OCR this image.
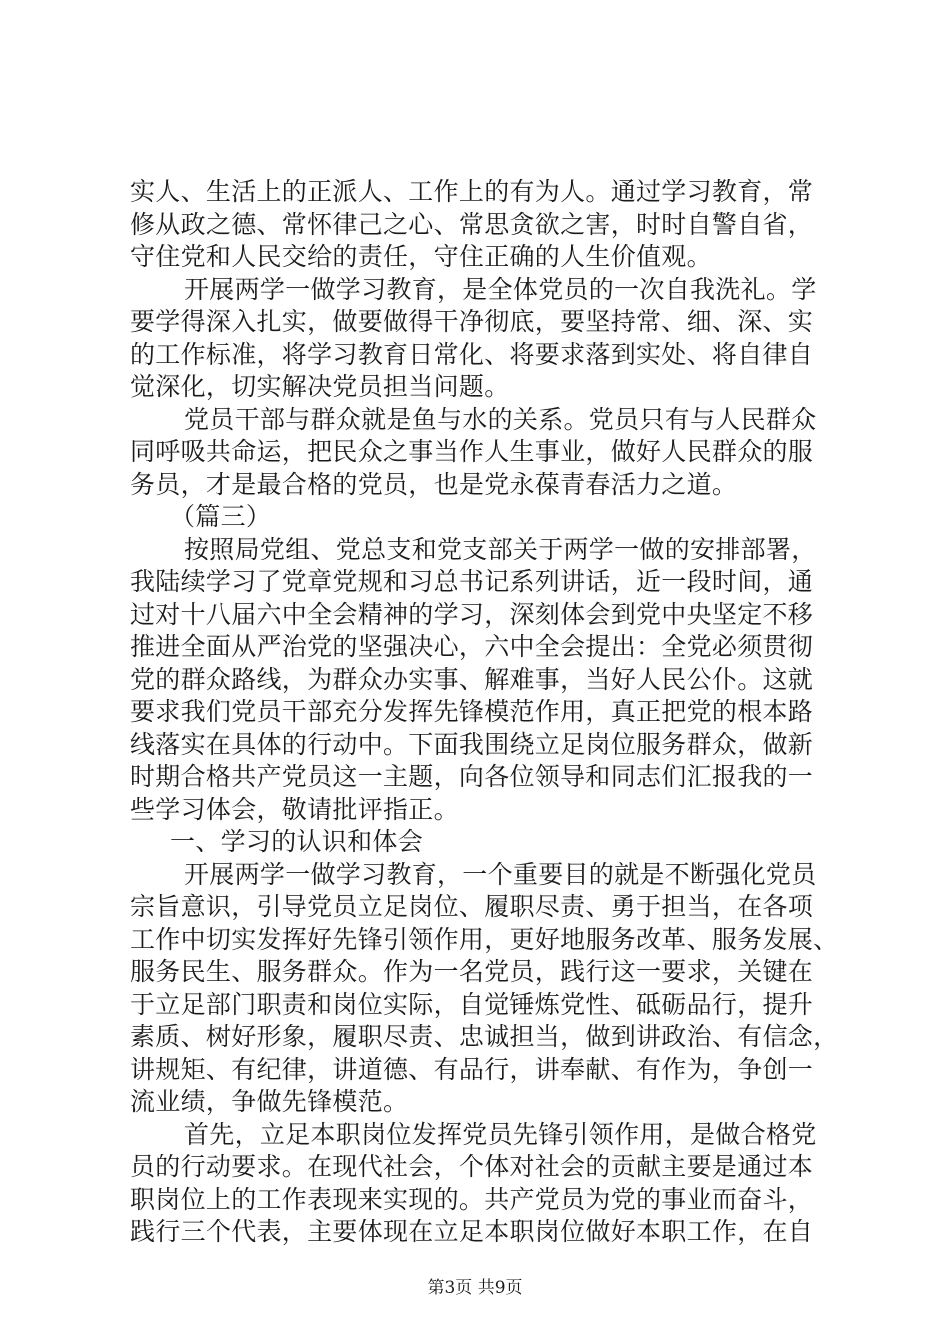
实人、生活上的正派人、工作上的有为人。通过学习教育，常
修从政之德、常怀律己之心、常思贪欲之害，时时自警自省，
守住党和人民交给的责任，守住正确的人生价值观。
开展两学一做学习教育，是全体党员的一次自我洗礼。学
要学得深入扎实，做要做得干净彻底，要坚持常、细、深、实
的工作标准，将学习教育日常化、将要求落到实处、将自律自
觉深化，切实解决党员担当问题。
党员干部与群众就是鱼与水的关系。党员只有与人民群众
同呼吸共命运，把民众之事当作人生事业，做好人民群众的服
务员，才是最合格的党员，也是党永葆青春活力之道。
（篇三）
按照局党组、党总支和党支部关于两学一做的安排部署，
我陆续学习了党章党规和习总书记系列讲话，近一段时间，通
过对十八届六中全会精神的学习，深刻体会到党中央坚定不移
推进全面从严治党的坚强决心，六中全会提出：全党必须贯彻
党的群众路线，为群众办实事、解难事，当好人民公仆。这就
要求我们党员干部充分发挥先锋模范作用，真正把党的根本路
线落实在具体的行动中。下面我围绕立足岗位服务群众，做新
时期合格共产党员这一主题，向各位领导和同志们汇报我的一
些学习体会，敬请批评指正。
一、学习的认识和体会
开展两学一做学习教育，一个重要目的就是不断强化党员
宗旨意识，引导党员立足岗位、履职尽责、勇于担当，在各项
工作中切实发挥好先锋引领作用，更好地服务改革、服务发展、
服务民生、服务群众。作为一名党员，践行这一要求，关键在
于立足部门职责和岗位实际，自觉锤炼党性、砥砺品行，提升
素质、树好形象，履职尽责、忠诚担当，做到讲政治、有信念，
讲规矩、有纪律，讲道德、有品行，讲奉献、有作为，争创一
流业绩，争做先锋模范。
首先，立足本职岗位发挥党员先锋引领作用，是做合格党
员的行动要求。在现代社会，个体对社会的贡献主要是通过本
职岗位上的工作表现来实现的。共产党员为党的事业而奋斗，
践行三个代表，主要体现在立足本职岗位做好本职工作，在自
第3页 共9页
